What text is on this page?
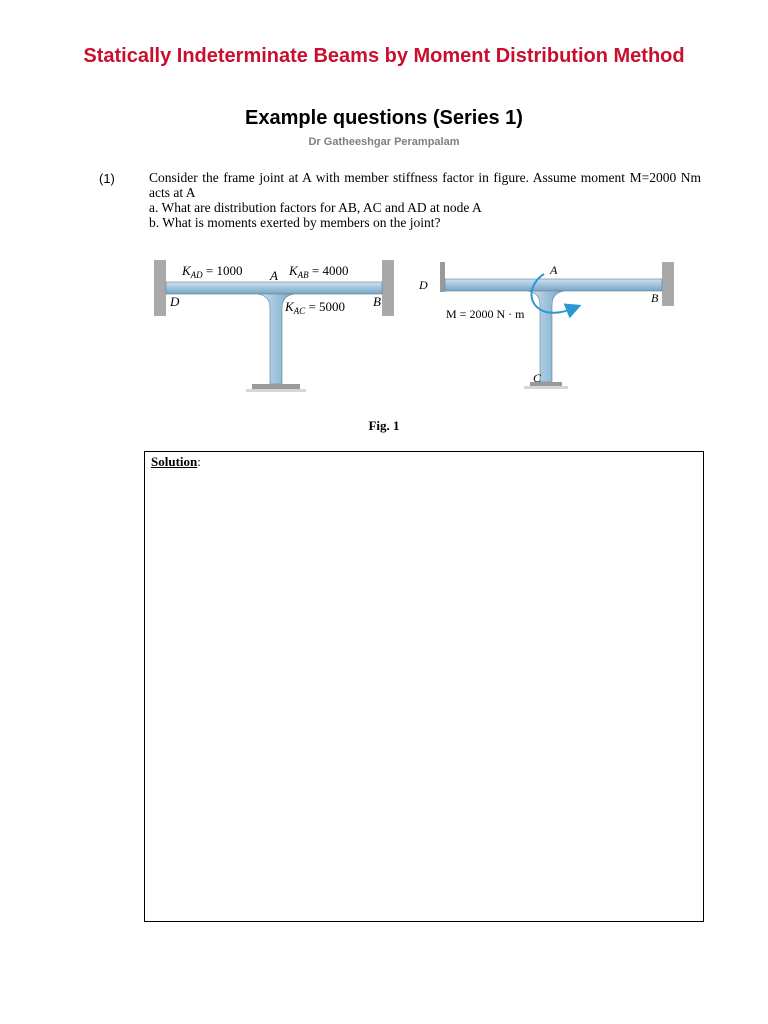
Statically Indeterminate Beams by Moment Distribution Method
Example questions (Series 1)
Dr Gatheeshgar Perampalam
(1)	Consider the frame joint at A with member stiffness factor in figure. Assume moment M=2000 Nm acts at A
a. What are distribution factors for AB, AC and AD at node A
b. What is moments exerted by members on the joint?
$K_{AD} = 1000$ A $K_{AB} = 4000$
D	$K_{AC} = 5000$ B
A
D
B
M = 2000 N · m
C
Fig. 1
Solution:
